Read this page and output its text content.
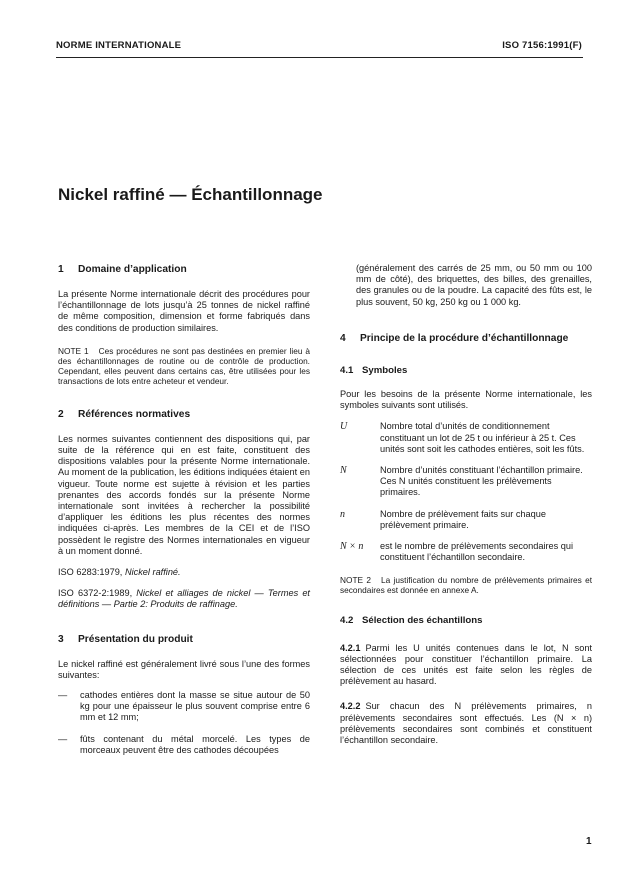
NORME INTERNATIONALE	ISO 7156:1991(F)
Nickel raffiné — Échantillonnage
1	Domaine d’application

La présente Norme internationale décrit des procédures pour l’échantillonnage de lots jusqu’à 25 tonnes de nickel raffiné de même composition, dimension et forme fabriqués dans des conditions de production similaires.

NOTE 1 Ces procédures ne sont pas destinées en premier lieu à des échantillonnages de routine ou de contrôle de production. Cependant, elles peuvent dans certains cas, être utilisées pour les transactions de lots entre acheteur et vendeur.

2	Références normatives

Les normes suivantes contiennent des dispositions qui, par suite de la référence qui en est faite, constituent des dispositions valables pour la présente Norme internationale. Au moment de la publication, les éditions indiquées étaient en vigueur. Toute norme est sujette à révision et les parties prenantes des accords fondés sur la présente Norme internationale sont invitées à rechercher la possibilité d’appliquer les éditions les plus récentes des normes indiquées ci-après. Les membres de la CEI et de l’ISO possèdent le registre des Normes internationales en vigueur à un moment donné.

ISO 6283:1979, Nickel raffiné.

ISO 6372-2:1989, Nickel et alliages de nickel — Termes et définitions — Partie 2: Produits de raffinage.

3	Présentation du produit

Le nickel raffiné est généralement livré sous l’une des formes suivantes:

—	cathodes entières dont la masse se situe autour de 50 kg pour une épaisseur le plus souvent comprise entre 6 mm et 12 mm;
—	fûts contenant du métal morcelé. Les types de morceaux peuvent être des cathodes découpées

(généralement des carrés de 25 mm, ou 50 mm ou 100 mm de côté), des briquettes, des billes, des grenailles, des granules ou de la poudre. La capacité des fûts est, le plus souvent, 50 kg, 250 kg ou 1 000 kg.

4	Principe de la procédure d’échantillonnage
4.1 Symboles

Pour les besoins de la présente Norme internationale, les symboles suivants sont utilisés.

U	Nombre total d’unités de conditionnement constituant un lot de 25 t ou inférieur à 25 t. Ces unités sont soit les cathodes entières, soit les fûts.
N	Nombre d’unités constituant l’échantillon primaire. Ces N unités constituent les prélèvements primaires.
n	Nombre de prélèvement faits sur chaque prélèvement primaire.
N × n	est le nombre de prélèvements secondaires qui constituent l’échantillon secondaire.

NOTE 2 La justification du nombre de prélèvements primaires et secondaires est donnée en annexe A.

4.2 Sélection des échantillons

4.2.1 Parmi les U unités contenues dans le lot, N sont sélectionnées pour constituer l’échantillon primaire. La sélection de ces unités est faite selon les règles de prélèvement au hasard.

4.2.2 Sur chacun des N prélèvements primaires, n prélèvements secondaires sont effectués. Les (N × n) prélèvements secondaires sont combinés et constituent l’échantillon secondaire.

1
